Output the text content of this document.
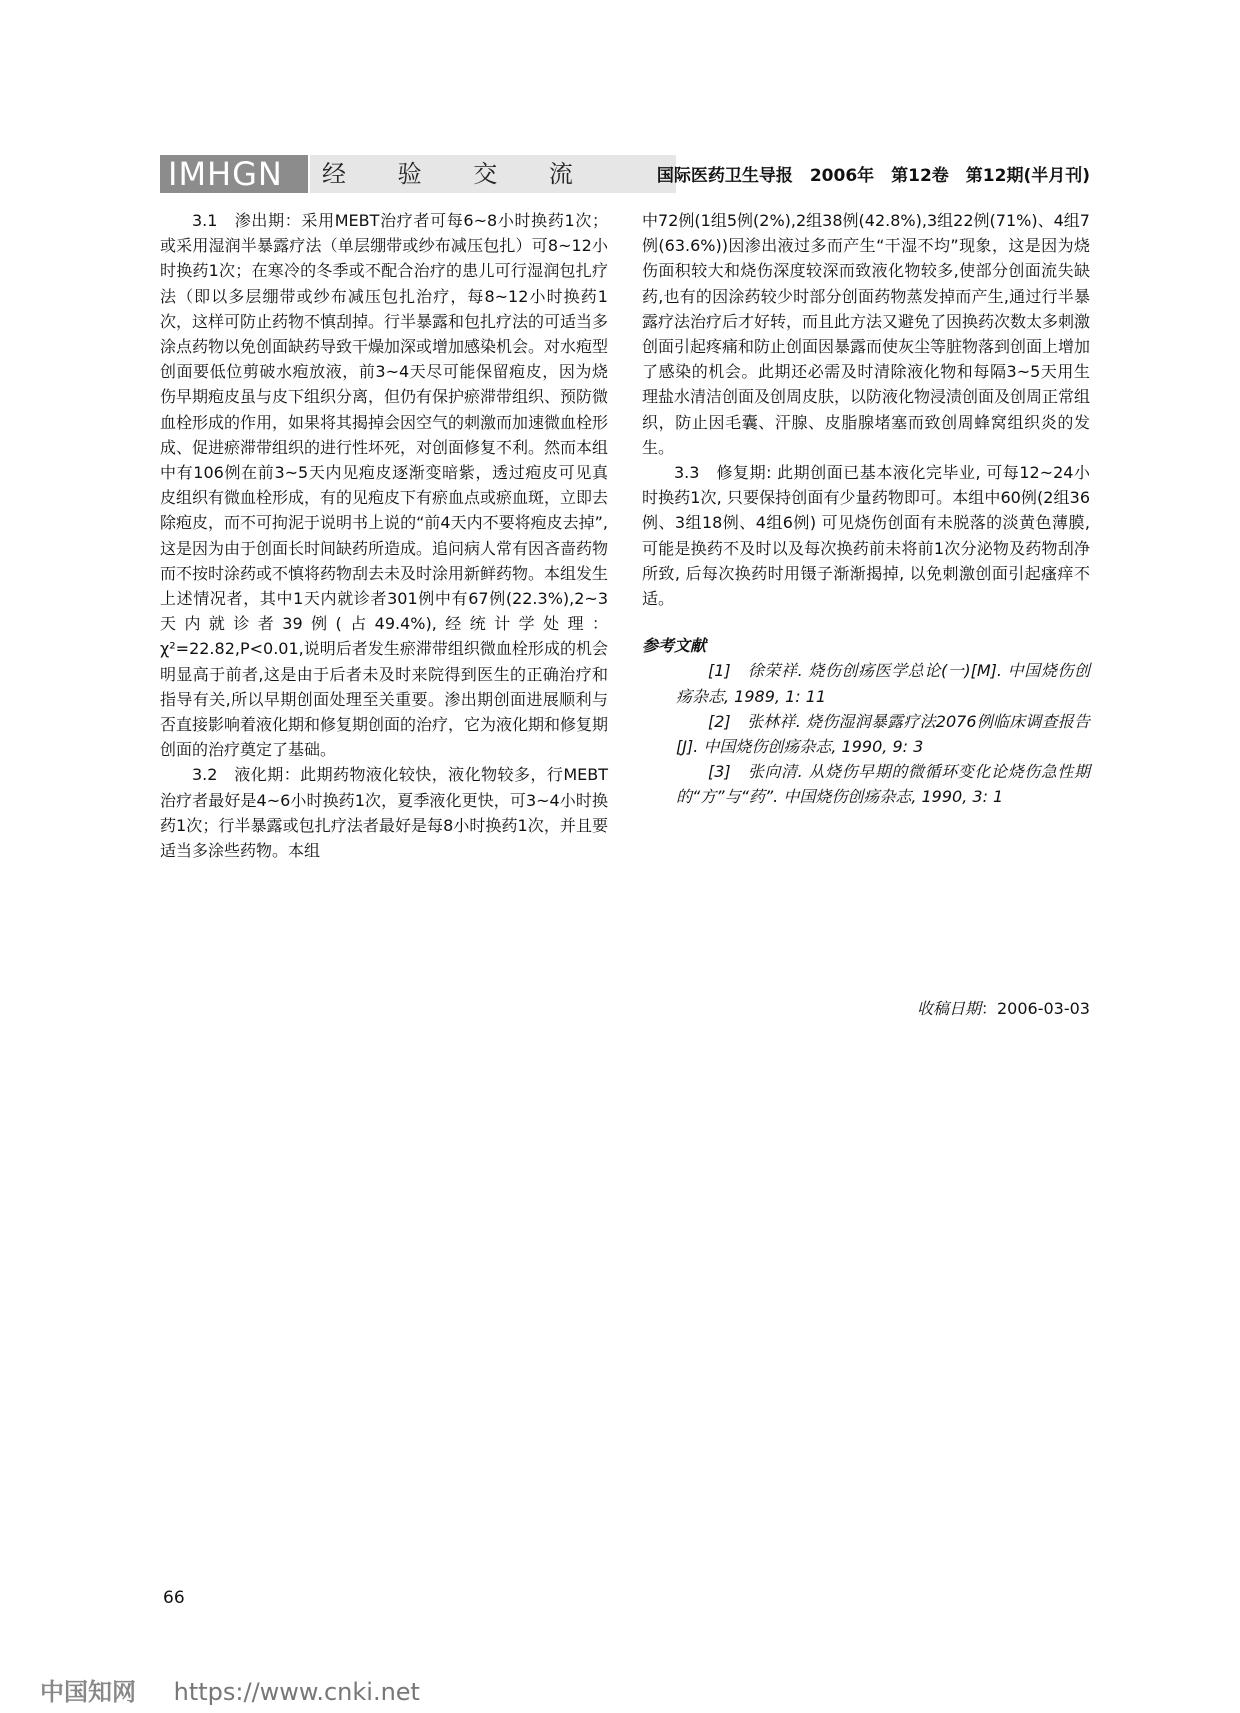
IMHGN	经 验 交 流	国际医药卫生导报　2006年　第12卷　第12期(半月刊)

3.1　渗出期：采用MEBT治疗者可每6~8小时换药1次；或采用湿润半暴露疗法（单层绷带或纱布减压包扎）可8~12小时换药1次；在寒冷的冬季或不配合治疗的患儿可行湿润包扎疗法（即以多层绷带或纱布减压包扎治疗，每8~12小时换药1次，这样可防止药物不慎刮掉。行半暴露和包扎疗法的可适当多涂点药物以免创面缺药导致干燥加深或增加感染机会。对水疱型创面要低位剪破水疱放液，前3~4天尽可能保留疱皮，因为烧伤早期疱皮虽与皮下组织分离，但仍有保护瘀滞带组织、预防微血栓形成的作用，如果将其揭掉会因空气的刺激而加速微血栓形成、促进瘀滞带组织的进行性坏死，对创面修复不利。然而本组中有106例在前3~5天内见疱皮逐渐变暗紫，透过疱皮可见真皮组织有微血栓形成，有的见疱皮下有瘀血点或瘀血斑，立即去除疱皮，而不可拘泥于说明书上说的“前4天内不要将疱皮去掉”,这是因为由于创面长时间缺药所造成。追问病人常有因吝啬药物而不按时涂药或不慎将药物刮去未及时涂用新鲜药物。本组发生上述情况者，其中1天内就诊者301例中有67例(22.3%),2~3天内就诊者39例(占49.4%),经统计学处理：χ²=22.82,P<0.01,说明后者发生瘀滞带组织微血栓形成的机会明显高于前者,这是由于后者未及时来院得到医生的正确治疗和指导有关,所以早期创面处理至关重要。渗出期创面进展顺利与否直接影响着液化期和修复期创面的治疗，它为液化期和修复期创面的治疗奠定了基础。

3.2　液化期：此期药物液化较快，液化物较多，行MEBT治疗者最好是4~6小时换药1次，夏季液化更快，可3~4小时换药1次；行半暴露或包扎疗法者最好是每8小时换药1次，并且要适当多涂些药物。本组

中72例(1组5例(2%),2组38例(42.8%),3组22例(71%)、4组7例(63.6%))因渗出液过多而产生“干湿不均”现象，这是因为烧伤面积较大和烧伤深度较深而致液化物较多,使部分创面流失缺药,也有的因涂药较少时部分创面药物蒸发掉而产生,通过行半暴露疗法治疗后才好转，而且此方法又避免了因换药次数太多刺激创面引起疼痛和防止创面因暴露而使灰尘等脏物落到创面上增加了感染的机会。此期还必需及时清除液化物和每隔3~5天用生理盐水清洁创面及创周皮肤，以防液化物浸渍创面及创周正常组织，防止因毛囊、汗腺、皮脂腺堵塞而致创周蜂窝组织炎的发生。

3.3　修复期: 此期创面已基本液化完毕业, 可每12~24小时换药1次, 只要保持创面有少量药物即可。本组中60例(2组36例、3组18例、4组6例) 可见烧伤创面有未脱落的淡黄色薄膜, 可能是换药不及时以及每次换药前未将前1次分泌物及药物刮净所致, 后每次换药时用镊子渐渐揭掉, 以免刺激创面引起瘙痒不适。

参考文献

[1]　徐荣祥. 烧伤创疡医学总论(一)[M]. 中国烧伤创疡杂志, 1989, 1: 11

[2]　张林祥. 烧伤湿润暴露疗法2076例临床调查报告[J]. 中国烧伤创疡杂志, 1990, 9: 3

[3]　张向清. 从烧伤早期的微循环变化论烧伤急性期的“方”与“药”. 中国烧伤创疡杂志, 1990, 3: 1

收稿日期：2006-03-03
66
中国知网 https://www.cnki.net
